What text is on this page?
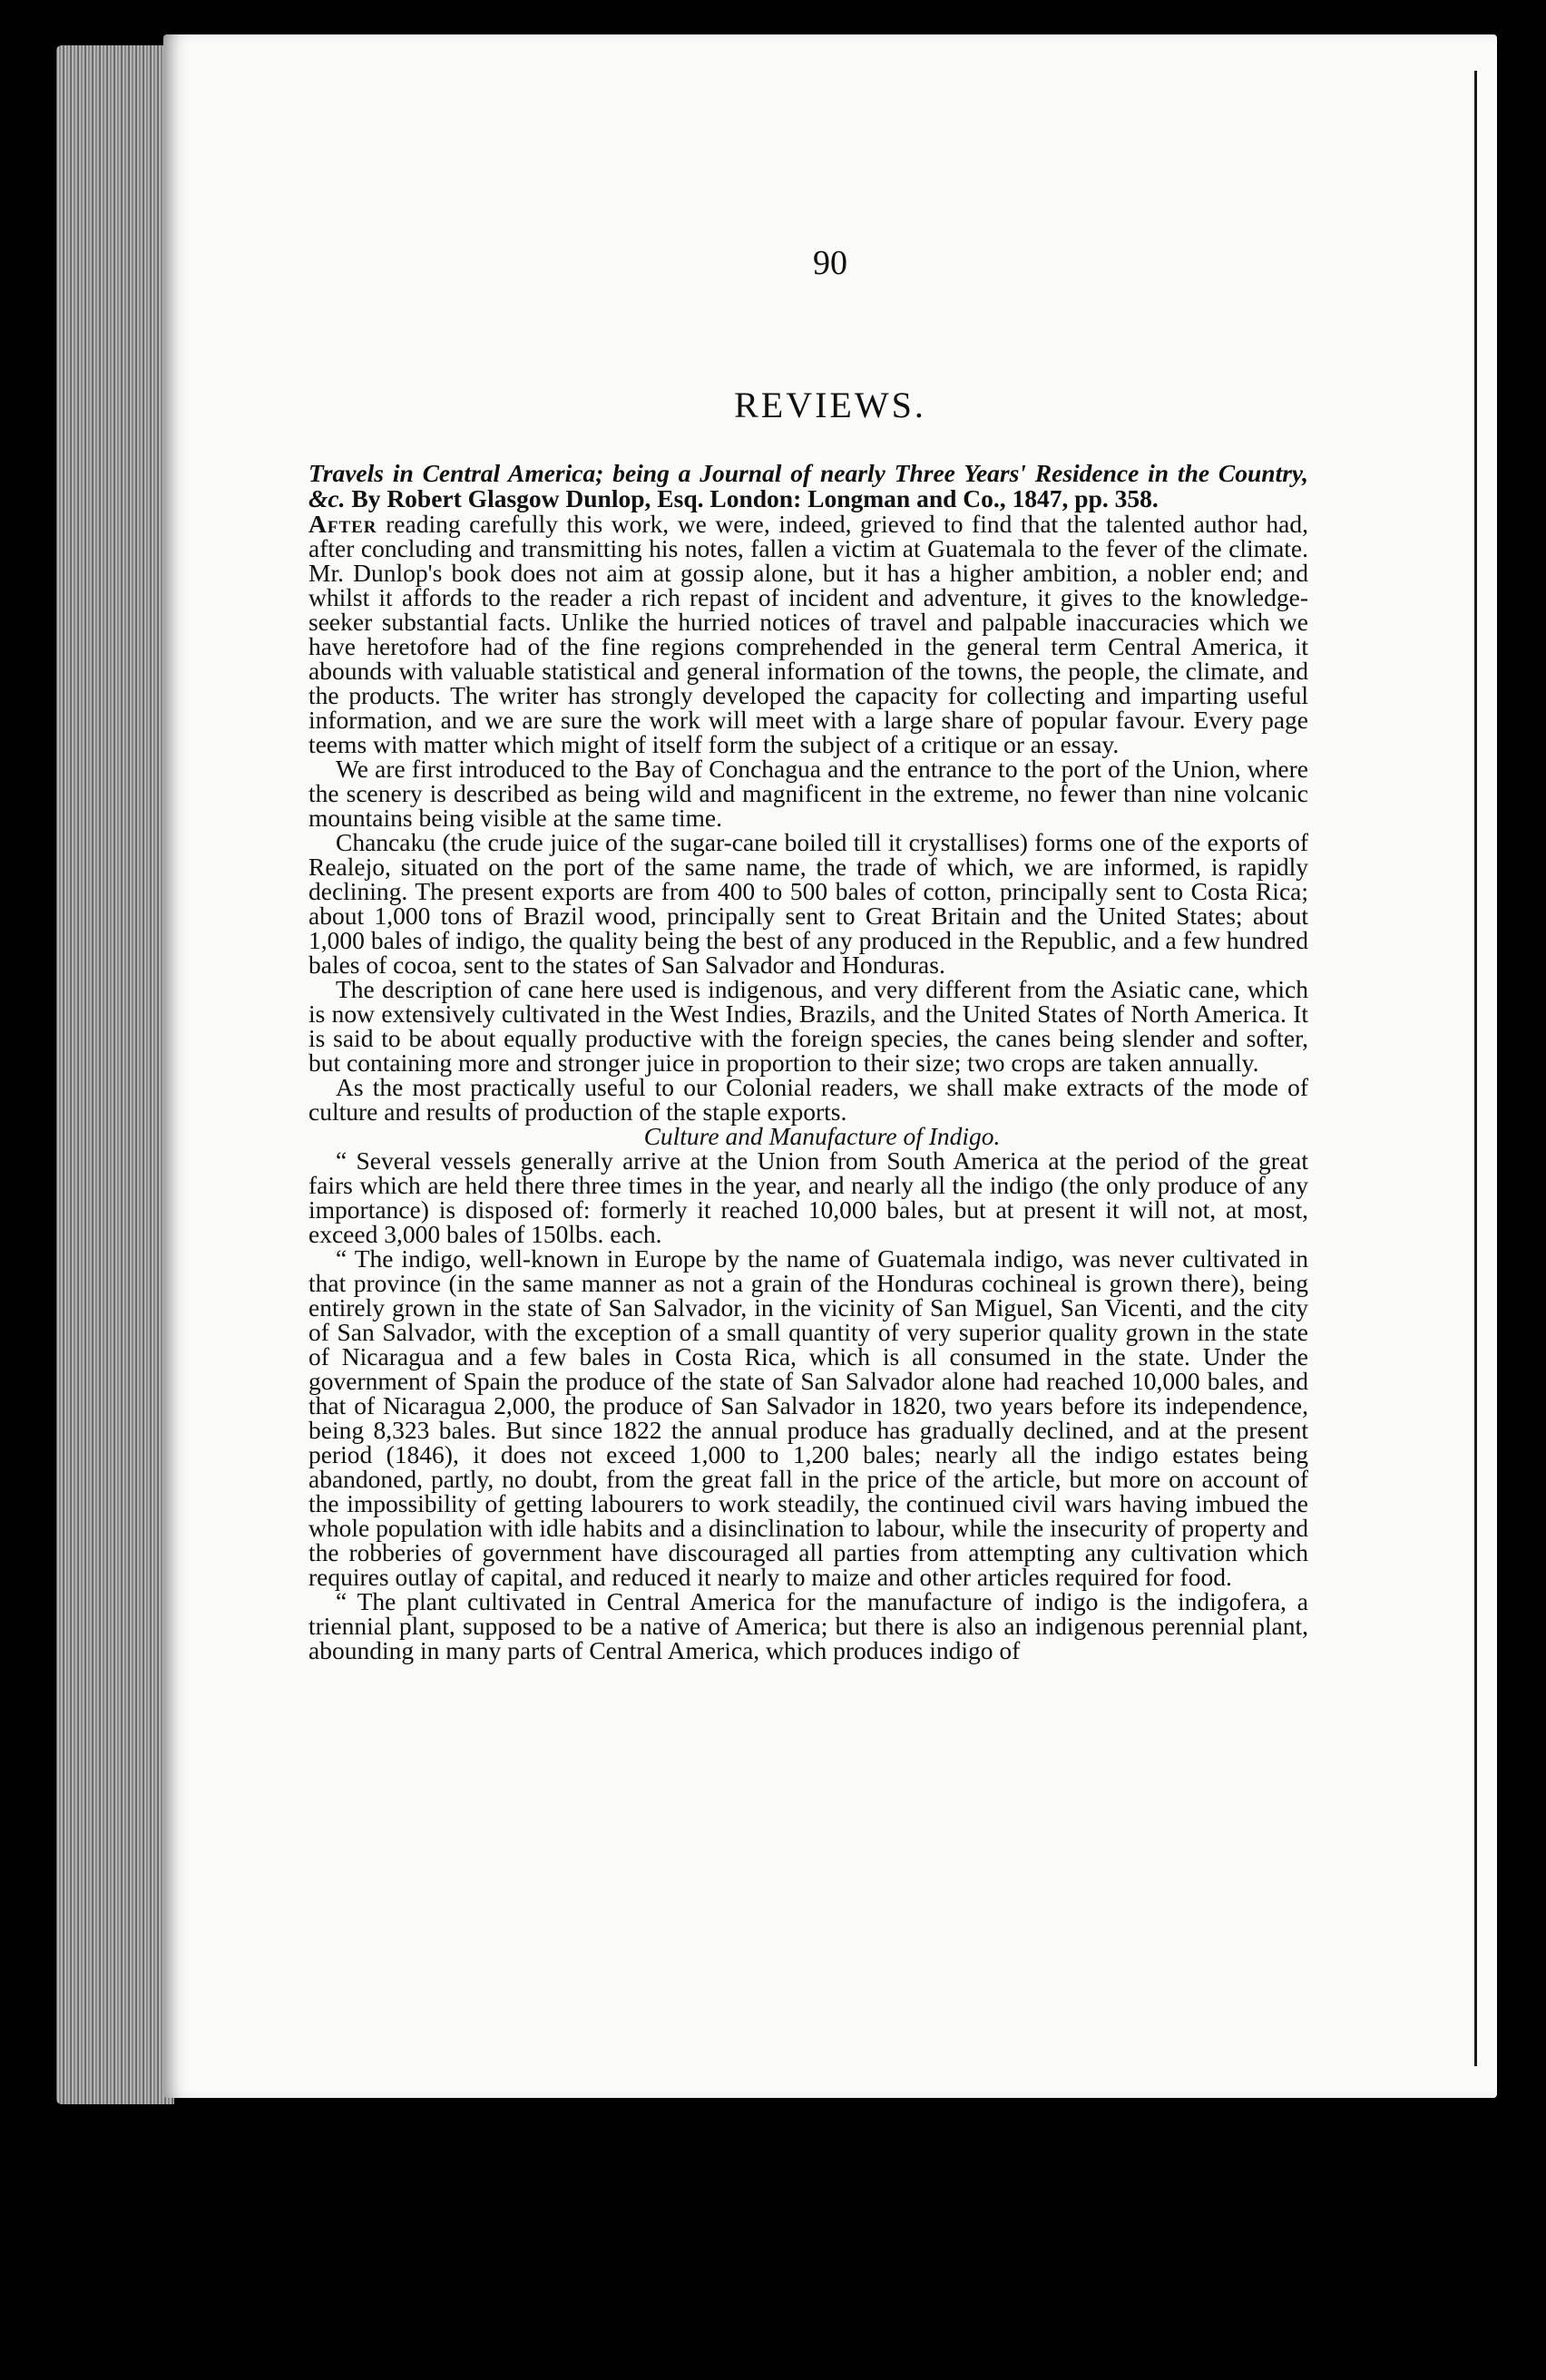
90
REVIEWS.

Travels in Central America; being a Journal of nearly Three Years' Residence in the Country, &c. By Robert Glasgow Dunlop, Esq. London: Longman and Co., 1847, pp. 358.

After reading carefully this work, we were, indeed, grieved to find that the talented author had, after concluding and transmitting his notes, fallen a victim at Guatemala to the fever of the climate. Mr. Dunlop's book does not aim at gossip alone, but it has a higher ambition, a nobler end; and whilst it affords to the reader a rich repast of incident and adventure, it gives to the knowledge-seeker substantial facts. Unlike the hurried notices of travel and palpable inaccuracies which we have heretofore had of the fine regions comprehended in the general term Central America, it abounds with valuable statistical and general information of the towns, the people, the climate, and the products. The writer has strongly developed the capacity for collecting and imparting useful information, and we are sure the work will meet with a large share of popular favour. Every page teems with matter which might of itself form the subject of a critique or an essay.

We are first introduced to the Bay of Conchagua and the entrance to the port of the Union, where the scenery is described as being wild and magnificent in the extreme, no fewer than nine volcanic mountains being visible at the same time.

Chancaku (the crude juice of the sugar-cane boiled till it crystallises) forms one of the exports of Realejo, situated on the port of the same name, the trade of which, we are informed, is rapidly declining. The present exports are from 400 to 500 bales of cotton, principally sent to Costa Rica; about 1,000 tons of Brazil wood, principally sent to Great Britain and the United States; about 1,000 bales of indigo, the quality being the best of any produced in the Republic, and a few hundred bales of cocoa, sent to the states of San Salvador and Honduras.

The description of cane here used is indigenous, and very different from the Asiatic cane, which is now extensively cultivated in the West Indies, Brazils, and the United States of North America. It is said to be about equally productive with the foreign species, the canes being slender and softer, but containing more and stronger juice in proportion to their size; two crops are taken annually.

As the most practically useful to our Colonial readers, we shall make extracts of the mode of culture and results of production of the staple exports.

Culture and Manufacture of Indigo.

“ Several vessels generally arrive at the Union from South America at the period of the great fairs which are held there three times in the year, and nearly all the indigo (the only produce of any importance) is disposed of: formerly it reached 10,000 bales, but at present it will not, at most, exceed 3,000 bales of 150lbs. each.

“ The indigo, well-known in Europe by the name of Guatemala indigo, was never cultivated in that province (in the same manner as not a grain of the Honduras cochineal is grown there), being entirely grown in the state of San Salvador, in the vicinity of San Miguel, San Vicenti, and the city of San Salvador, with the exception of a small quantity of very superior quality grown in the state of Nicaragua and a few bales in Costa Rica, which is all consumed in the state. Under the government of Spain the produce of the state of San Salvador alone had reached 10,000 bales, and that of Nicaragua 2,000, the produce of San Salvador in 1820, two years before its independence, being 8,323 bales. But since 1822 the annual produce has gradually declined, and at the present period (1846), it does not exceed 1,000 to 1,200 bales; nearly all the indigo estates being abandoned, partly, no doubt, from the great fall in the price of the article, but more on account of the impossibility of getting labourers to work steadily, the continued civil wars having imbued the whole population with idle habits and a disinclination to labour, while the insecurity of property and the robberies of government have discouraged all parties from attempting any cultivation which requires outlay of capital, and reduced it nearly to maize and other articles required for food.

“ The plant cultivated in Central America for the manufacture of indigo is the indigofera, a triennial plant, supposed to be a native of America; but there is also an indigenous perennial plant, abounding in many parts of Central America, which produces indigo of
